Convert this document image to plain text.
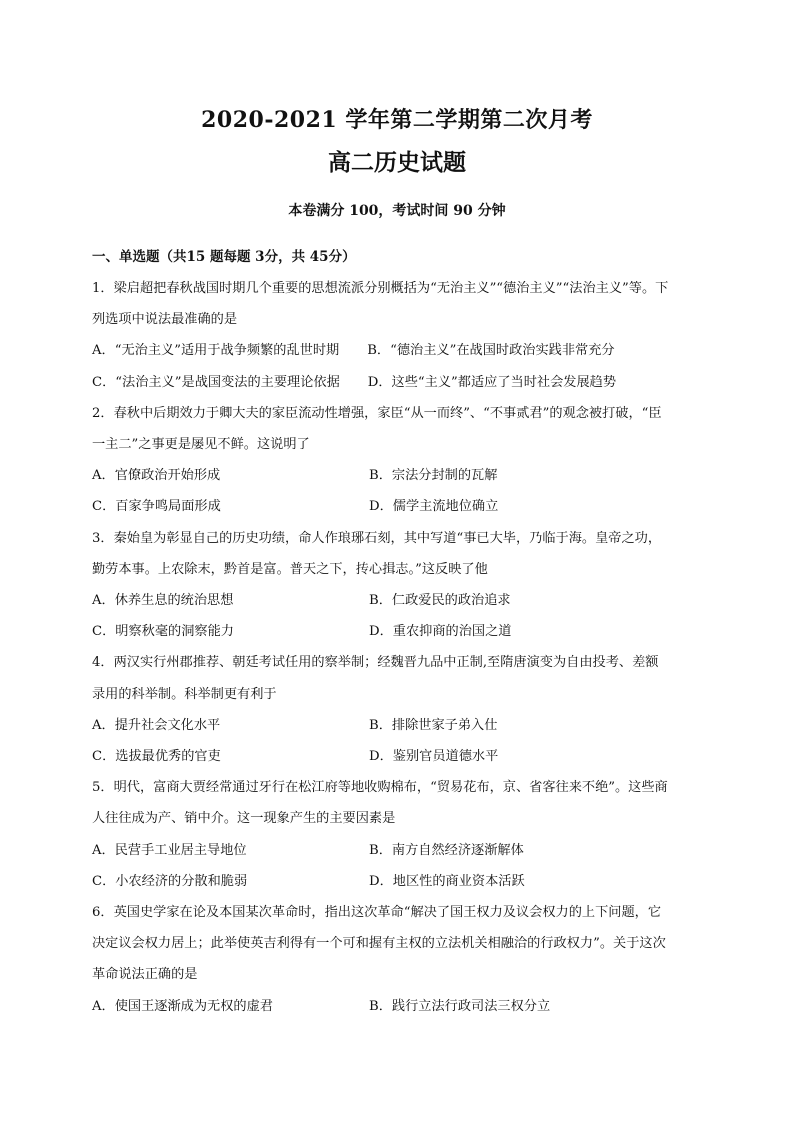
2020-2021 学年第二学期第二次月考
高二历史试题
本卷满分 100，考试时间 90 分钟
一、单选题（共15 题每题 3分，共 45分）

1．梁启超把春秋战国时期几个重要的思想流派分别概括为“无治主义”“德治主义”“法治主义”等。下

列选项中说法最准确的是

A．“无治主义”适用于战争频繁的乱世时期 B．“德治主义”在战国时政治实践非常充分
C．“法治主义”是战国变法的主要理论依据 D．这些“主义”都适应了当时社会发展趋势

2．春秋中后期效力于卿大夫的家臣流动性增强，家臣“从一而终”、“不事贰君”的观念被打破，“臣

一主二”之事更是屡见不鲜。这说明了

A．官僚政治开始形成	B．宗法分封制的瓦解
C．百家争鸣局面形成	D．儒学主流地位确立

3．秦始皇为彰显自己的历史功绩，命人作琅琊石刻，其中写道“事已大毕，乃临于海。皇帝之功，

勤劳本事。上农除末，黔首是富。普天之下，抟心揖志。”这反映了他

A．休养生息的统治思想	B．仁政爱民的政治追求
C．明察秋毫的洞察能力	D．重农抑商的治国之道

4．两汉实行州郡推荐、朝廷考试任用的察举制；经魏晋九品中正制,至隋唐演变为自由投考、差额

录用的科举制。科举制更有利于

A．提升社会文化水平	B．排除世家子弟入仕
C．选拔最优秀的官吏	D．鉴别官员道德水平

5．明代，富商大贾经常通过牙行在松江府等地收购棉布，“贸易花布，京、省客往来不绝”。这些商

人往往成为产、销中介。这一现象产生的主要因素是

A．民营手工业居主导地位	B．南方自然经济逐渐解体
C．小农经济的分散和脆弱	D．地区性的商业资本活跃

6．英国史学家在论及本国某次革命时，指出这次革命“解决了国王权力及议会权力的上下问题，它

决定议会权力居上；此举使英吉利得有一个可和握有主权的立法机关相融洽的行政权力”。关于这次

革命说法正确的是

A．使国王逐渐成为无权的虚君	B．践行立法行政司法三权分立
